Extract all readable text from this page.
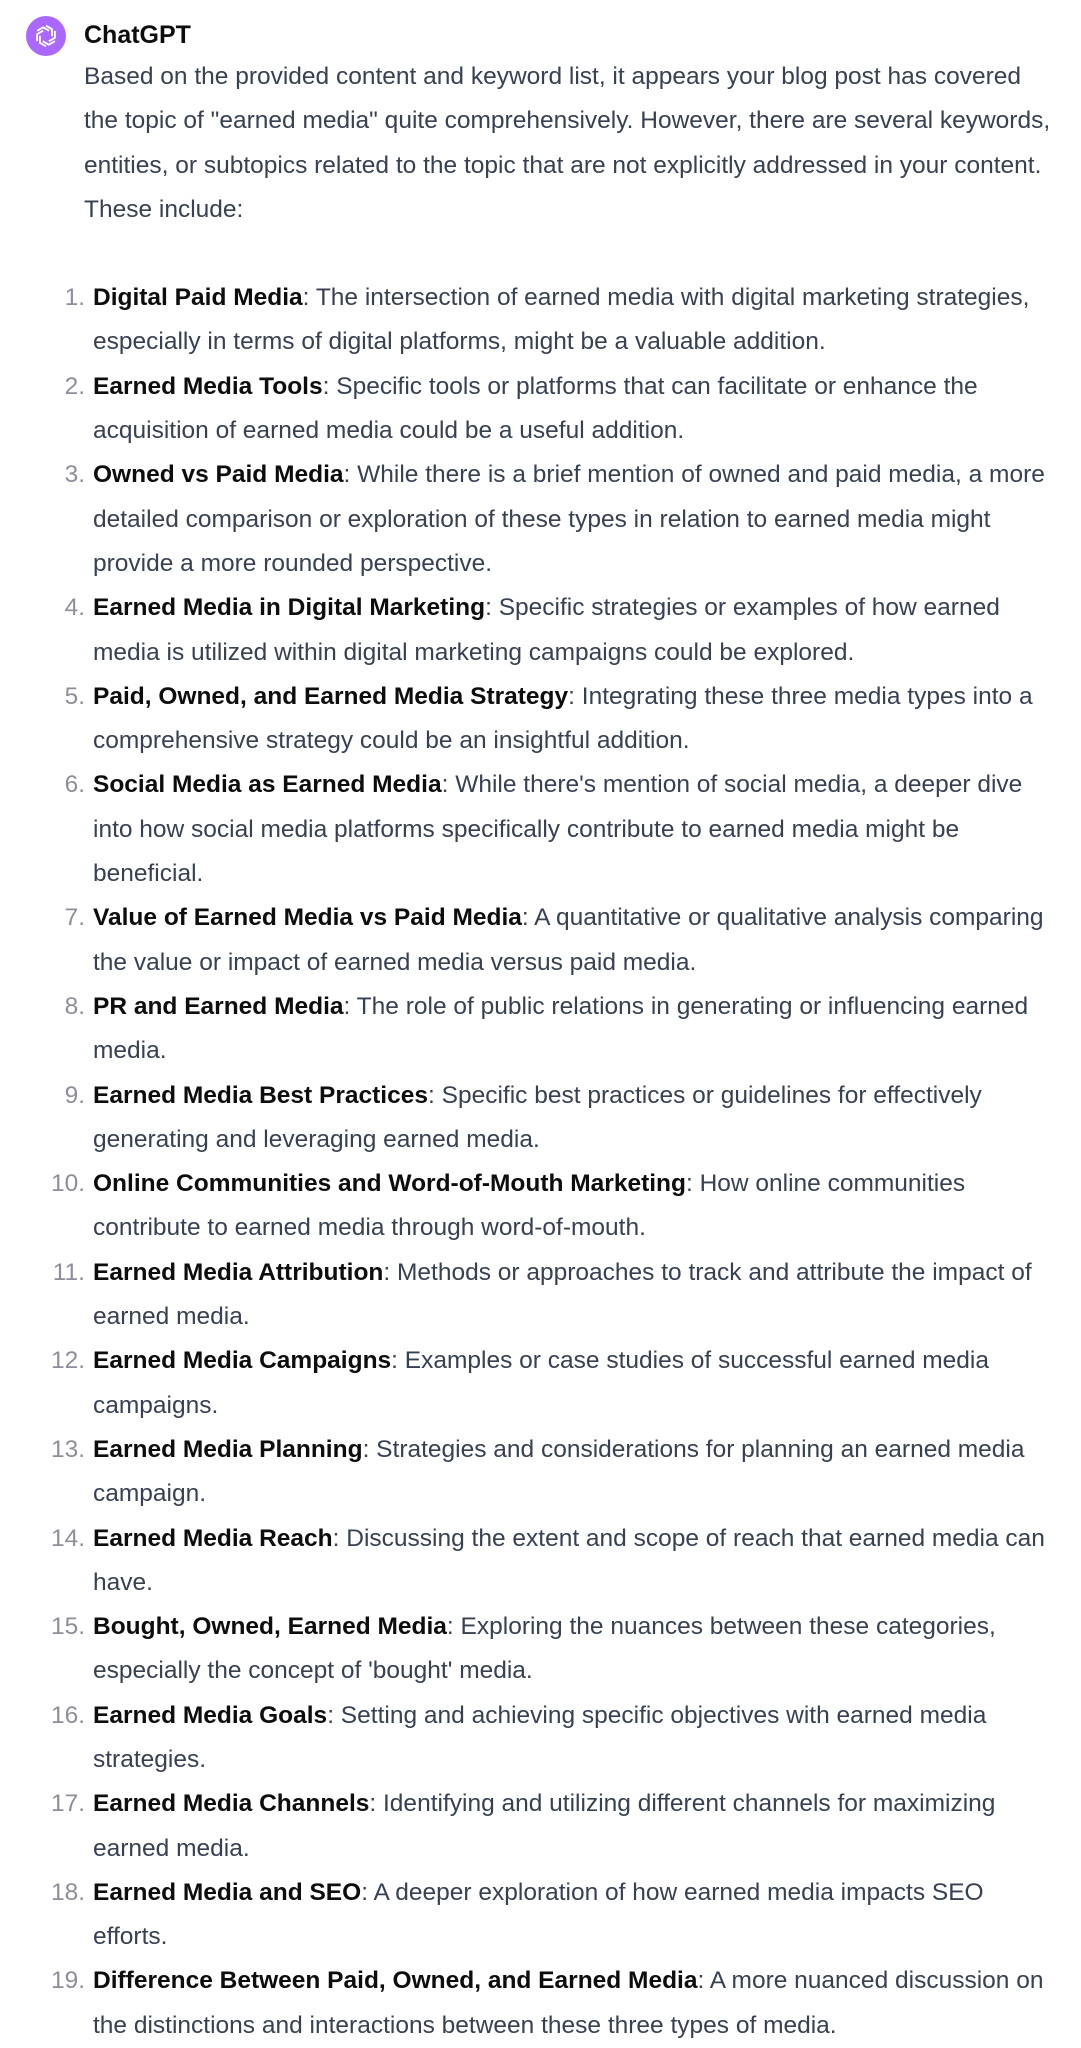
ChatGPT

Based on the provided content and keyword list, it appears your blog post has covered the topic of "earned media" quite comprehensively. However, there are several keywords, entities, or subtopics related to the topic that are not explicitly addressed in your content. These include:

1. Digital Paid Media: The intersection of earned media with digital marketing strategies, especially in terms of digital platforms, might be a valuable addition.
2. Earned Media Tools: Specific tools or platforms that can facilitate or enhance the acquisition of earned media could be a useful addition.
3. Owned vs Paid Media: While there is a brief mention of owned and paid media, a more detailed comparison or exploration of these types in relation to earned media might provide a more rounded perspective.
4. Earned Media in Digital Marketing: Specific strategies or examples of how earned media is utilized within digital marketing campaigns could be explored.
5. Paid, Owned, and Earned Media Strategy: Integrating these three media types into a comprehensive strategy could be an insightful addition.
6. Social Media as Earned Media: While there's mention of social media, a deeper dive into how social media platforms specifically contribute to earned media might be beneficial.
7. Value of Earned Media vs Paid Media: A quantitative or qualitative analysis comparing the value or impact of earned media versus paid media.
8. PR and Earned Media: The role of public relations in generating or influencing earned media.
9. Earned Media Best Practices: Specific best practices or guidelines for effectively generating and leveraging earned media.
10. Online Communities and Word-of-Mouth Marketing: How online communities contribute to earned media through word-of-mouth.
11. Earned Media Attribution: Methods or approaches to track and attribute the impact of earned media.
12. Earned Media Campaigns: Examples or case studies of successful earned media campaigns.
13. Earned Media Planning: Strategies and considerations for planning an earned media campaign.
14. Earned Media Reach: Discussing the extent and scope of reach that earned media can have.
15. Bought, Owned, Earned Media: Exploring the nuances between these categories, especially the concept of 'bought' media.
16. Earned Media Goals: Setting and achieving specific objectives with earned media strategies.
17. Earned Media Channels: Identifying and utilizing different channels for maximizing earned media.
18. Earned Media and SEO: A deeper exploration of how earned media impacts SEO efforts.
19. Difference Between Paid, Owned, and Earned Media: A more nuanced discussion on the distinctions and interactions between these three types of media.
